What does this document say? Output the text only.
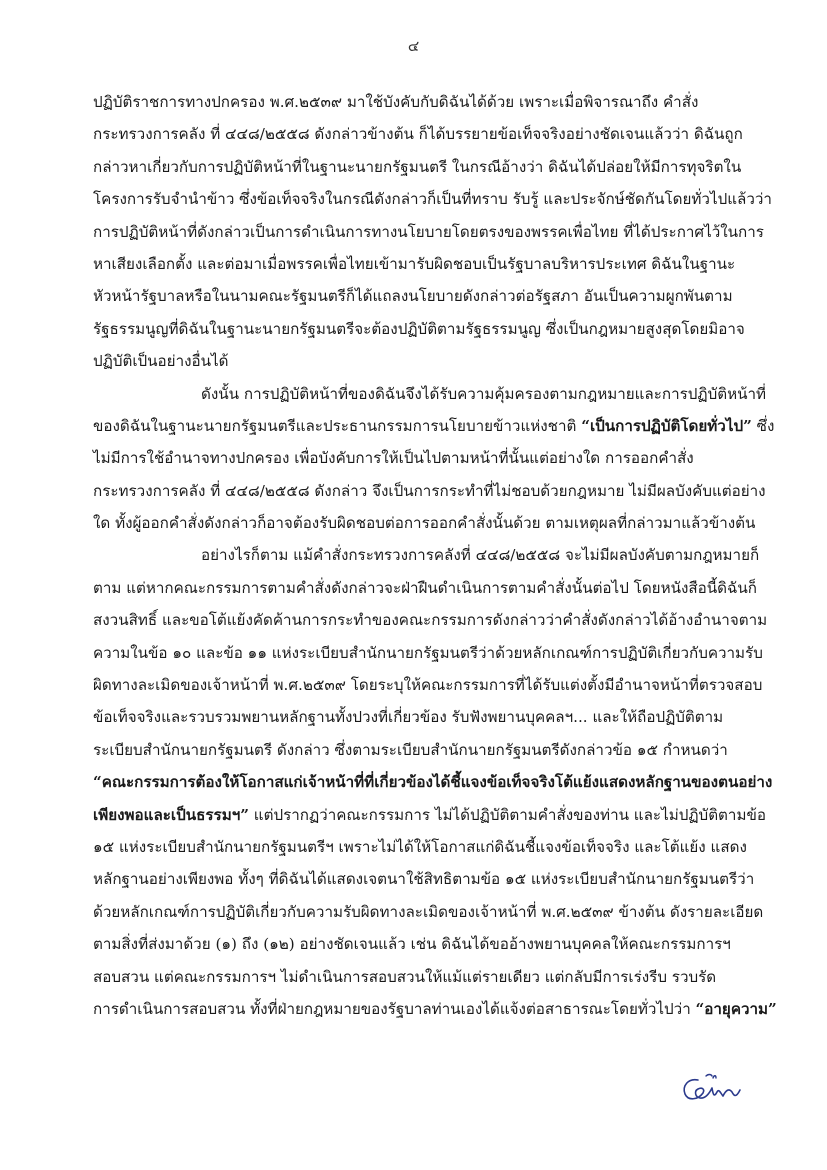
๔
ปฏิบัติราชการทางปกครอง พ.ศ.๒๕๓๙ มาใช้บังคับกับดิฉันได้ด้วย เพราะเมื่อพิจารณาถึง คำสั่ง
กระทรวงการคลัง ที่ ๔๔๘/๒๕๕๘ ดังกล่าวข้างต้น ก็ได้บรรยายข้อเท็จจริงอย่างชัดเจนแล้วว่า ดิฉันถูก
กล่าวหาเกี่ยวกับการปฏิบัติหน้าที่ในฐานะนายกรัฐมนตรี ในกรณีอ้างว่า ดิฉันได้ปล่อยให้มีการทุจริตใน
โครงการรับจำนำข้าว ซึ่งข้อเท็จจริงในกรณีดังกล่าวก็เป็นที่ทราบ รับรู้ และประจักษ์ชัดกันโดยทั่วไปแล้วว่า
การปฏิบัติหน้าที่ดังกล่าวเป็นการดำเนินการทางนโยบายโดยตรงของพรรคเพื่อไทย ที่ได้ประกาศไว้ในการ
หาเสียงเลือกตั้ง และต่อมาเมื่อพรรคเพื่อไทยเข้ามารับผิดชอบเป็นรัฐบาลบริหารประเทศ ดิฉันในฐานะ
หัวหน้ารัฐบาลหรือในนามคณะรัฐมนตรีก็ได้แถลงนโยบายดังกล่าวต่อรัฐสภา อันเป็นความผูกพันตาม
รัฐธรรมนูญที่ดิฉันในฐานะนายกรัฐมนตรีจะต้องปฏิบัติตามรัฐธรรมนูญ ซึ่งเป็นกฎหมายสูงสุดโดยมิอาจ
ปฏิบัติเป็นอย่างอื่นได้
ดังนั้น การปฏิบัติหน้าที่ของดิฉันจึงได้รับความคุ้มครองตามกฎหมายและการปฏิบัติหน้าที่
ของดิฉันในฐานะนายกรัฐมนตรีและประธานกรรมการนโยบายข้าวแห่งชาติ “เป็นการปฏิบัติโดยทั่วไป” ซึ่ง
ไม่มีการใช้อำนาจทางปกครอง เพื่อบังคับการให้เป็นไปตามหน้าที่นั้นแต่อย่างใด การออกคำสั่ง
กระทรวงการคลัง ที่ ๔๔๘/๒๕๕๘ ดังกล่าว จึงเป็นการกระทำที่ไม่ชอบด้วยกฎหมาย ไม่มีผลบังคับแต่อย่าง
ใด ทั้งผู้ออกคำสั่งดังกล่าวก็อาจต้องรับผิดชอบต่อการออกคำสั่งนั้นด้วย ตามเหตุผลที่กล่าวมาแล้วข้างต้น
อย่างไรก็ตาม แม้คำสั่งกระทรวงการคลังที่ ๔๔๘/๒๕๕๘ จะไม่มีผลบังคับตามกฎหมายก็
ตาม แต่หากคณะกรรมการตามคำสั่งดังกล่าวจะฝ่าฝืนดำเนินการตามคำสั่งนั้นต่อไป โดยหนังสือนี้ดิฉันก็
สงวนสิทธิ์ และขอโต้แย้งคัดค้านการกระทำของคณะกรรมการดังกล่าวว่าคำสั่งดังกล่าวได้อ้างอำนาจตาม
ความในข้อ ๑๐ และข้อ ๑๑ แห่งระเบียบสำนักนายกรัฐมนตรีว่าด้วยหลักเกณฑ์การปฏิบัติเกี่ยวกับความรับ
ผิดทางละเมิดของเจ้าหน้าที่ พ.ศ.๒๕๓๙ โดยระบุให้คณะกรรมการที่ได้รับแต่งตั้งมีอำนาจหน้าที่ตรวจสอบ
ข้อเท็จจริงและรวบรวมพยานหลักฐานทั้งปวงที่เกี่ยวข้อง รับฟังพยานบุคคลฯ... และให้ถือปฏิบัติตาม
ระเบียบสำนักนายกรัฐมนตรี ดังกล่าว ซึ่งตามระเบียบสำนักนายกรัฐมนตรีดังกล่าวข้อ ๑๕ กำหนดว่า
“คณะกรรมการต้องให้โอกาสแก่เจ้าหน้าที่ที่เกี่ยวข้องได้ชี้แจงข้อเท็จจริงโต้แย้งแสดงหลักฐานของตนอย่าง
เพียงพอและเป็นธรรมฯ” แต่ปรากฏว่าคณะกรรมการ ไม่ได้ปฏิบัติตามคำสั่งของท่าน และไม่ปฏิบัติตามข้อ
๑๕ แห่งระเบียบสำนักนายกรัฐมนตรีฯ เพราะไม่ได้ให้โอกาสแก่ดิฉันชี้แจงข้อเท็จจริง และโต้แย้ง แสดง
หลักฐานอย่างเพียงพอ ทั้งๆ ที่ดิฉันได้แสดงเจตนาใช้สิทธิตามข้อ ๑๕ แห่งระเบียบสำนักนายกรัฐมนตรีว่า
ด้วยหลักเกณฑ์การปฏิบัติเกี่ยวกับความรับผิดทางละเมิดของเจ้าหน้าที่ พ.ศ.๒๕๓๙ ข้างต้น ดังรายละเอียด
ตามสิ่งที่ส่งมาด้วย (๑) ถึง (๑๒) อย่างชัดเจนแล้ว เช่น ดิฉันได้ขออ้างพยานบุคคลให้คณะกรรมการฯ
สอบสวน แต่คณะกรรมการฯ ไม่ดำเนินการสอบสวนให้แม้แต่รายเดียว แต่กลับมีการเร่งรีบ รวบรัด
การดำเนินการสอบสวน ทั้งที่ฝ่ายกฎหมายของรัฐบาลท่านเองได้แจ้งต่อสาธารณะโดยทั่วไปว่า “อายุความ”
